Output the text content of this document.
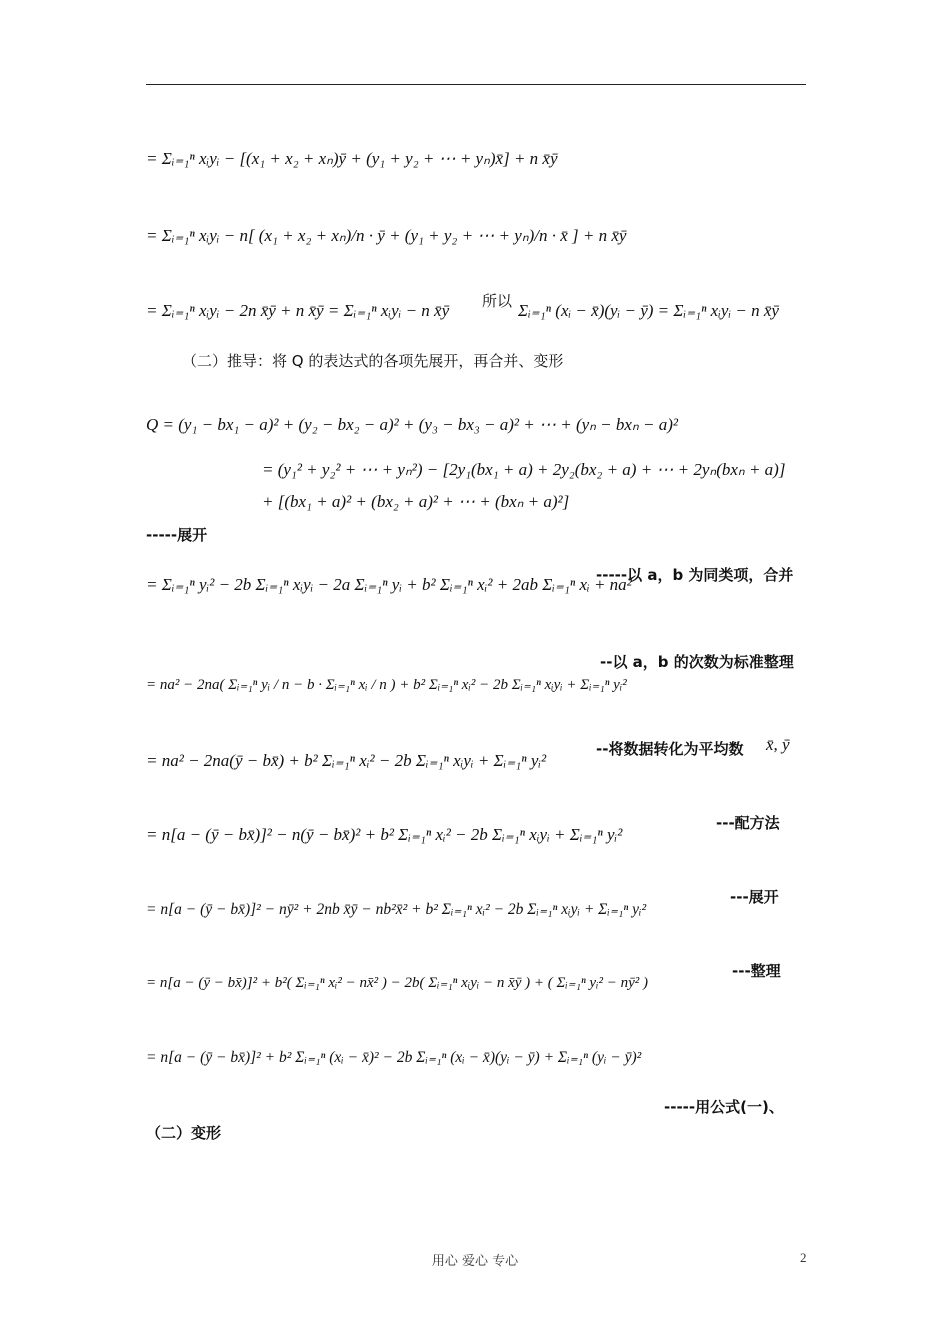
= Σᵢ₌₁ⁿ xᵢyᵢ − [(x₁ + x₂ + xₙ)ȳ + (y₁ + y₂ + ⋯ + yₙ)x̄] + n x̄ȳ
= Σᵢ₌₁ⁿ xᵢyᵢ − n[ (x₁ + x₂ + xₙ)/n · ȳ + (y₁ + y₂ + ⋯ + yₙ)/n · x̄ ] + n x̄ȳ
= Σᵢ₌₁ⁿ xᵢyᵢ − 2n x̄ȳ + n x̄ȳ = Σᵢ₌₁ⁿ xᵢyᵢ − n x̄ȳ 所以 Σᵢ₌₁ⁿ (xᵢ − x̄)(yᵢ − ȳ) = Σᵢ₌₁ⁿ xᵢyᵢ − n x̄ȳ
（二）推导：将 Q 的表达式的各项先展开，再合并、变形
Q = (y₁ − bx₁ − a)² + (y₂ − bx₂ − a)² + (y₃ − bx₃ − a)² + ⋯ + (yₙ − bxₙ − a)²
= (y₁² + y₂² + ⋯ + yₙ²) − [2y₁(bx₁ + a) + 2y₂(bx₂ + a) + ⋯ + 2yₙ(bxₙ + a)]
+ [(bx₁ + a)² + (bx₂ + a)² + ⋯ + (bxₙ + a)²]
-----展开
= Σᵢ₌₁ⁿ yᵢ² − 2b Σᵢ₌₁ⁿ xᵢyᵢ − 2a Σᵢ₌₁ⁿ yᵢ + b² Σᵢ₌₁ⁿ xᵢ² + 2ab Σᵢ₌₁ⁿ xᵢ + na²
-----以 a，b 为同类项，合并
= na² − 2na( Σᵢ₌₁ⁿ yᵢ / n − b · Σᵢ₌₁ⁿ xᵢ / n ) + b² Σᵢ₌₁ⁿ xᵢ² − 2b Σᵢ₌₁ⁿ xᵢyᵢ + Σᵢ₌₁ⁿ yᵢ²
--以 a，b 的次数为标准整理
= na² − 2na(ȳ − bx̄) + b² Σᵢ₌₁ⁿ xᵢ² − 2b Σᵢ₌₁ⁿ xᵢyᵢ + Σᵢ₌₁ⁿ yᵢ²
--将数据转化为平均数 x̄, ȳ
= n[a − (ȳ − bx̄)]² − n(ȳ − bx̄)² + b² Σᵢ₌₁ⁿ xᵢ² − 2b Σᵢ₌₁ⁿ xᵢyᵢ + Σᵢ₌₁ⁿ yᵢ²
---配方法
= n[a − (ȳ − bx̄)]² − nȳ² + 2nb x̄ȳ − nb²x̄² + b² Σᵢ₌₁ⁿ xᵢ² − 2b Σᵢ₌₁ⁿ xᵢyᵢ + Σᵢ₌₁ⁿ yᵢ²
---展开
= n[a − (ȳ − bx̄)]² + b²( Σᵢ₌₁ⁿ xᵢ² − nx̄² ) − 2b( Σᵢ₌₁ⁿ xᵢyᵢ − n x̄ȳ ) + ( Σᵢ₌₁ⁿ yᵢ² − nȳ² )
---整理
= n[a − (ȳ − bx̄)]² + b² Σᵢ₌₁ⁿ (xᵢ − x̄)² − 2b Σᵢ₌₁ⁿ (xᵢ − x̄)(yᵢ − ȳ) + Σᵢ₌₁ⁿ (yᵢ − ȳ)²
-----用公式(一)、
（二）变形
用心 爱心 专心	2
